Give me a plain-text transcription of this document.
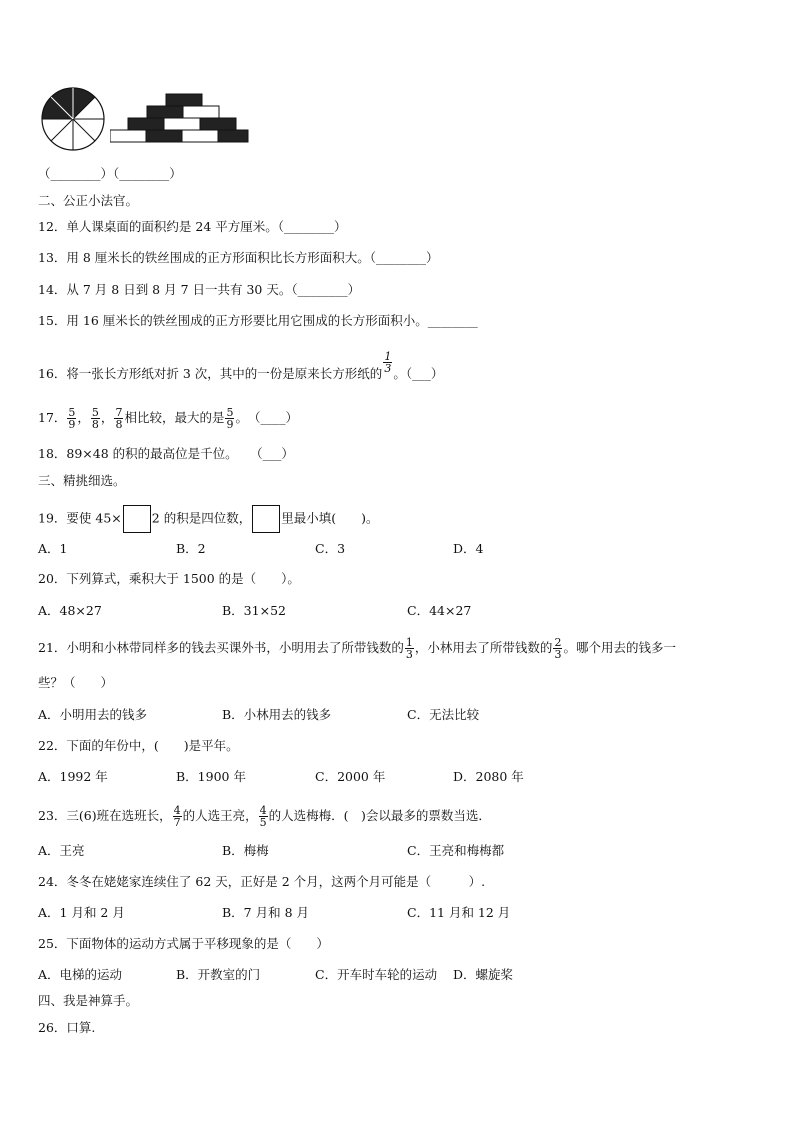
（________）（________）
二、公正小法官。
12．单人课桌面的面积约是 24 平方厘米。（________）
13．用 8 厘米长的铁丝围成的正方形面积比长方形面积大。（________）
14．从 7 月 8 日到 8 月 7 日一共有 30 天。（________）
15．用 16 厘米长的铁丝围成的正方形要比用它围成的长方形面积小。________
16．将一张长方形纸对折 3 次，其中的一份是原来长方形纸的 $\frac{1}{3}$ 。（___）
17． $\frac{5}{9}$ ， $\frac{5}{8}$ ， $\frac{7}{8}$ 相比较，最大的是 $\frac{5}{9}$ 。　（____）
18．89×48 的积的最高位是千位。　　（___）
三、精挑细选。
19．要使 45× 2 的积是四位数， 里最小填(　　)。
A．1	B．2	C．3	D．4
20．下列算式，乘积大于 1500 的是（　　）。
A．48×27	B．31×52	C．44×27
21．小明和小林带同样多的钱去买课外书，小明用去了所带钱数的 $\frac{1}{3}$ ，小林用去了所带钱数的 $\frac{2}{3}$ 。哪个用去的钱多一
些？（　　）
A．小明用去的钱多	B．小林用去的钱多	C．无法比较
22．下面的年份中，(　　)是平年。
A．1992 年	B．1900 年	C．2000 年	D．2080 年
23．三(6)班在选班长， $\frac{4}{7}$ 的人选王亮， $\frac{4}{5}$ 的人选梅梅．(　)会以最多的票数当选．
A．王亮	B．梅梅	C．王亮和梅梅都
24．冬冬在姥姥家连续住了 62 天，正好是 2 个月，这两个月可能是（　　　）.
A．1 月和 2 月	B．7 月和 8 月	C．11 月和 12 月
25．下面物体的运动方式属于平移现象的是（　　）
A．电梯的运动	B．开教室的门	C．开车时车轮的运动 D．螺旋桨
四、我是神算手。
26．口算.
